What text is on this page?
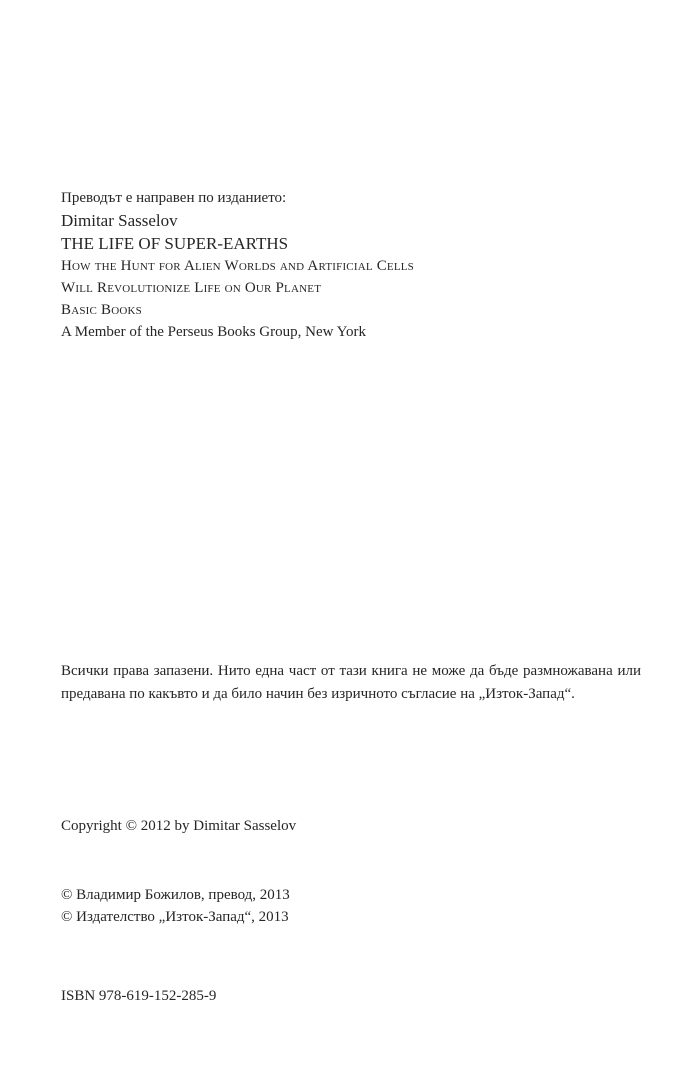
Преводът е направен по изданието:
Dimitar Sasselov
THE LIFE OF SUPER-EARTHS
How the Hunt for Alien Worlds and Artificial Cells
Will Revolutionize Life on Our Planet
Basic Books
A Member of the Perseus Books Group, New York
Всички права запазени. Нито една част от тази книга не може да бъде размножавана или предавана по какъвто и да било начин без изричното съгласие на „Изток-Запад“.
Copyright © 2012 by Dimitar Sasselov
© Владимир Божилов, превод, 2013
© Издателство „Изток-Запад“, 2013
ISBN 978-619-152-285-9
